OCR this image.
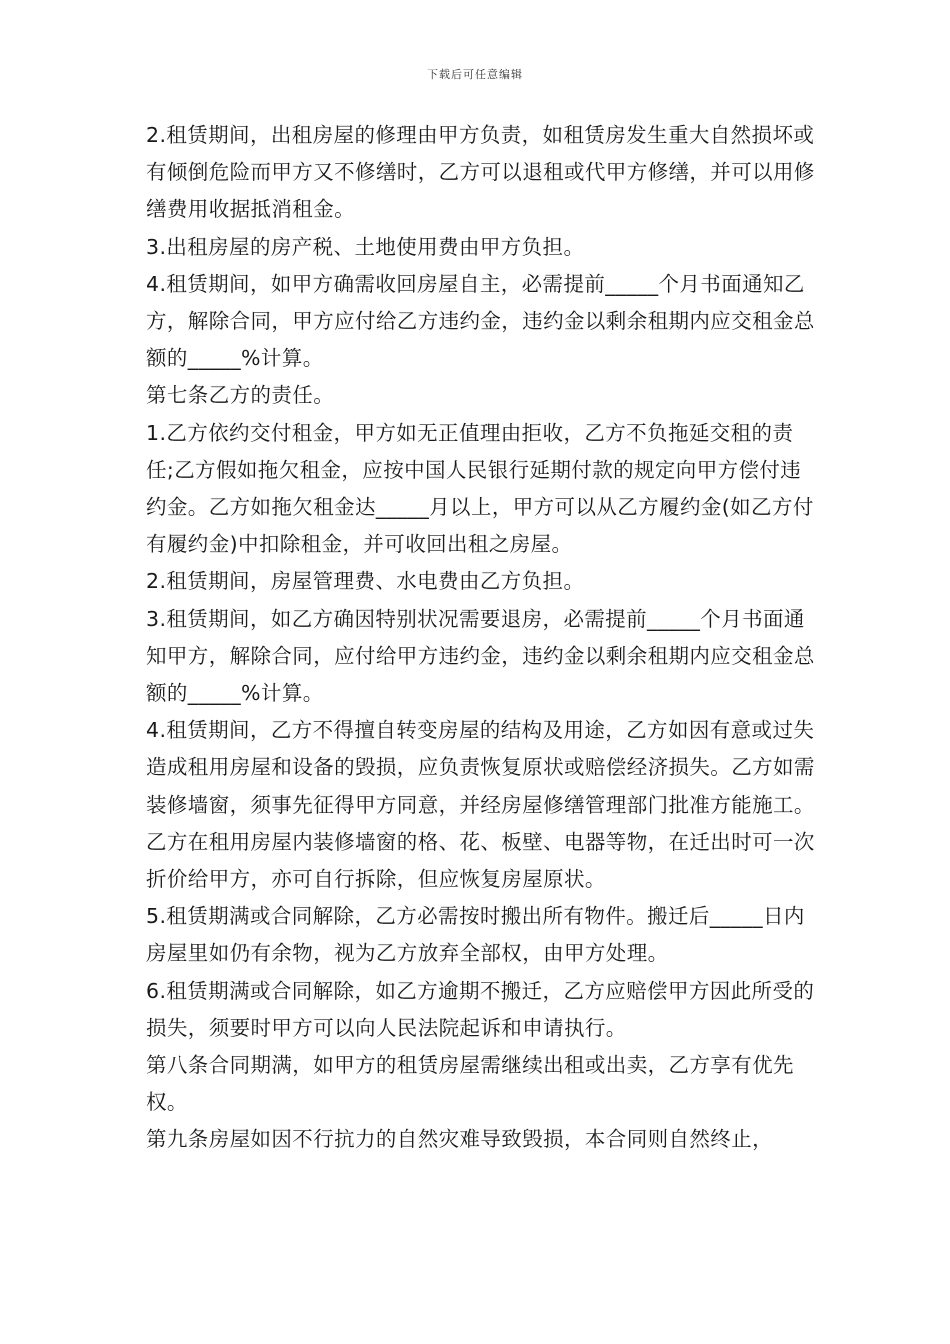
下载后可任意编辑

2.租赁期间，出租房屋的修理由甲方负责，如租赁房发生重大自然损坏或有倾倒危险而甲方又不修缮时，乙方可以退租或代甲方修缮，并可以用修缮费用收据抵消租金。

3.出租房屋的房产税、土地使用费由甲方负担。

4.租赁期间，如甲方确需收回房屋自主，必需提前_____个月书面通知乙方，解除合同，甲方应付给乙方违约金，违约金以剩余租期内应交租金总额的_____%计算。

第七条乙方的责任。

1.乙方依约交付租金，甲方如无正值理由拒收，乙方不负拖延交租的责任;乙方假如拖欠租金，应按中国人民银行延期付款的规定向甲方偿付违约金。乙方如拖欠租金达_____月以上，甲方可以从乙方履约金(如乙方付有履约金)中扣除租金，并可收回出租之房屋。

2.租赁期间，房屋管理费、水电费由乙方负担。

3.租赁期间，如乙方确因特别状况需要退房，必需提前_____个月书面通知甲方，解除合同，应付给甲方违约金，违约金以剩余租期内应交租金总额的_____%计算。

4.租赁期间，乙方不得擅自转变房屋的结构及用途，乙方如因有意或过失造成租用房屋和设备的毁损，应负责恢复原状或赔偿经济损失。乙方如需装修墙窗，须事先征得甲方同意，并经房屋修缮管理部门批准方能施工。乙方在租用房屋内装修墙窗的格、花、板壁、电器等物，在迁出时可一次折价给甲方，亦可自行拆除，但应恢复房屋原状。

5.租赁期满或合同解除，乙方必需按时搬出所有物件。搬迁后_____日内房屋里如仍有余物，视为乙方放弃全部权，由甲方处理。

6.租赁期满或合同解除，如乙方逾期不搬迁，乙方应赔偿甲方因此所受的损失，须要时甲方可以向人民法院起诉和申请执行。

第八条合同期满，如甲方的租赁房屋需继续出租或出卖，乙方享有优先权。

第九条房屋如因不行抗力的自然灾难导致毁损，本合同则自然终止，
